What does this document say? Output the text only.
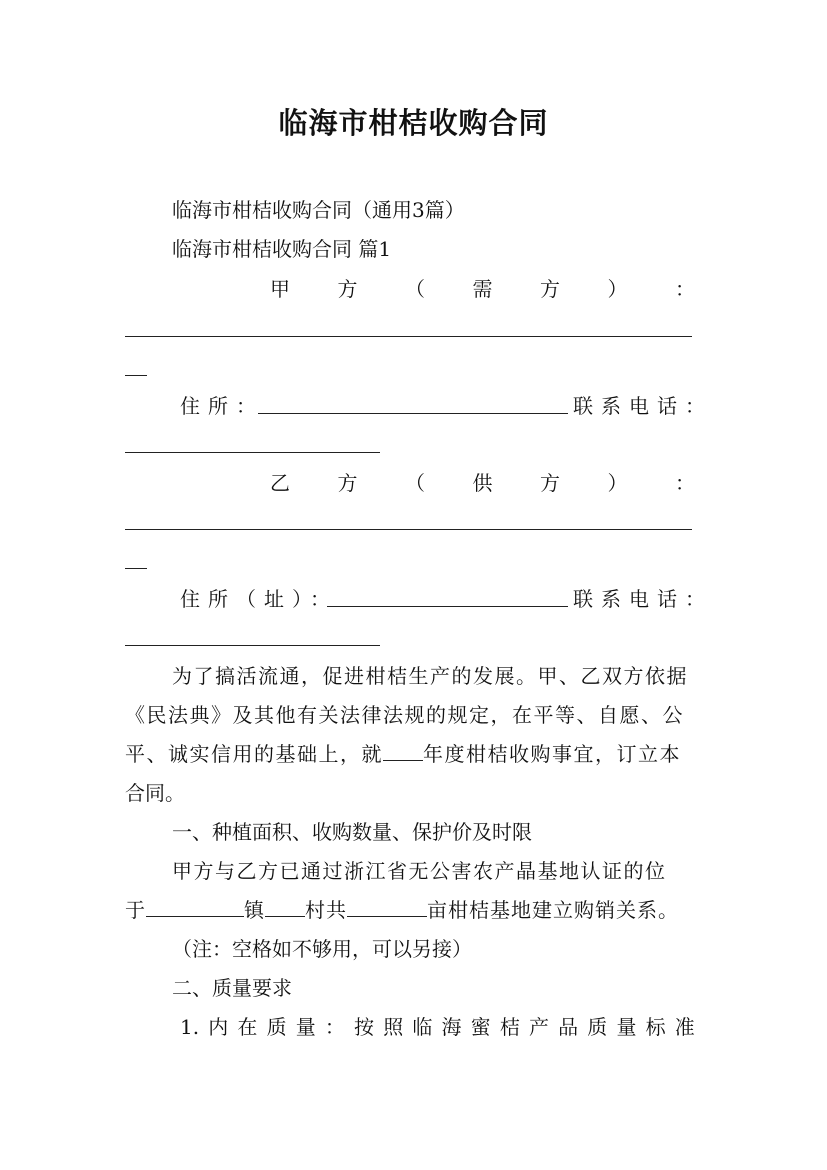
临海市柑桔收购合同
临海市柑桔收购合同（通用3篇）
临海市柑桔收购合同 篇1
甲 方 （ 需 方 ） ：
住所：	联系电话：
乙 方 （ 供 方 ） ：
住所（址）：	联系电话：
为了搞活流通，促进柑桔生产的发展。甲、乙双方依据
《民法典》及其他有关法律法规的规定，在平等、自愿、公
平、诚实信用的基础上，就 年度柑桔收购事宜，订立本
合同。
一、种植面积、收购数量、保护价及时限
甲方与乙方已通过浙江省无公害农产晶基地认证的位
于	镇 村共	亩柑桔基地建立购销关系。
（注：空格如不够用，可以另接）
二、质量要求
1. 内 在 质 量 ： 按 照 临 海 蜜 桔 产 品 质 量 标 准
